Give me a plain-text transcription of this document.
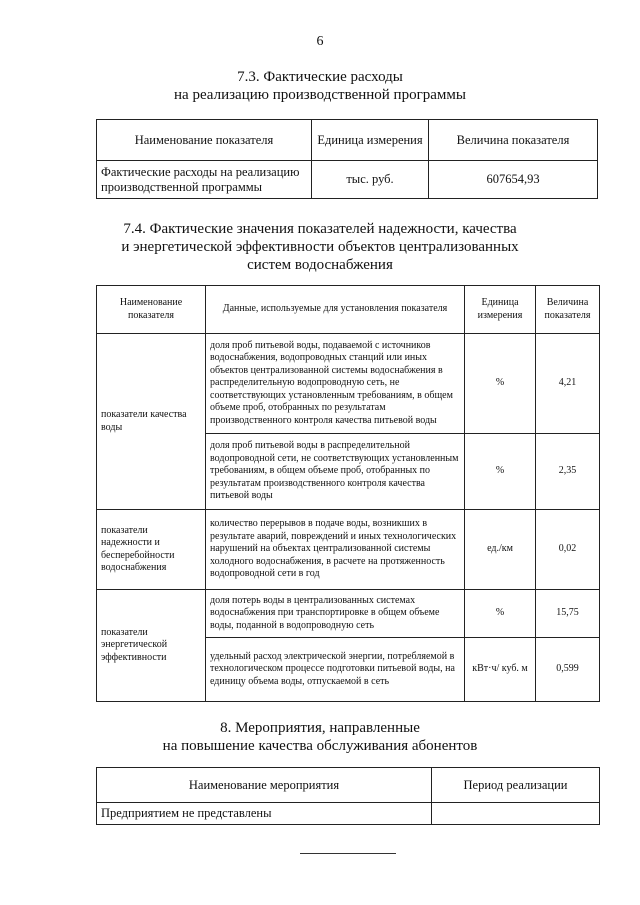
6
7.3. Фактические расходы
на реализацию производственной программы
Наименование показателя	Единица измерения	Величина показателя
Фактические расходы на реализацию производственной программы	тыс. руб.	607654,93
7.4. Фактические значения показателей надежности, качества
и энергетической эффективности объектов централизованных
систем водоснабжения
Наименование показателя	Данные, используемые для установления показателя	Единица измерения	Величина показателя
показатели качества воды	доля проб питьевой воды, подаваемой с источников водоснабжения, водопроводных станций или иных объектов централизованной системы водоснабжения в распределительную водопроводную сеть, не соответствующих установленным требованиям, в общем объеме проб, отобранных по результатам производственного контроля качества питьевой воды	%	4,21
	доля проб питьевой воды в распределительной водопроводной сети, не соответствующих установленным требованиям, в общем объеме проб, отобранных по результатам производственного контроля качества питьевой воды	%	2,35
показатели надежности и бесперебойности водоснабжения	количество перерывов в подаче воды, возникших в результате аварий, повреждений и иных технологических нарушений на объектах централизованной системы холодного водоснабжения, в расчете на протяженность водопроводной сети в год	ед./км	0,02
показатели энергетической эффективности	доля потерь воды в централизованных системах водоснабжения при транспортировке в общем объеме воды, поданной в водопроводную сеть	%	15,75
	удельный расход электрической энергии, потребляемой в технологическом процессе подготовки питьевой воды, на единицу объема воды, отпускаемой в сеть	кВт·ч/ куб. м	0,599
8. Мероприятия, направленные
на повышение качества обслуживания абонентов
Наименование мероприятия	Период реализации
Предприятием не представлены	
